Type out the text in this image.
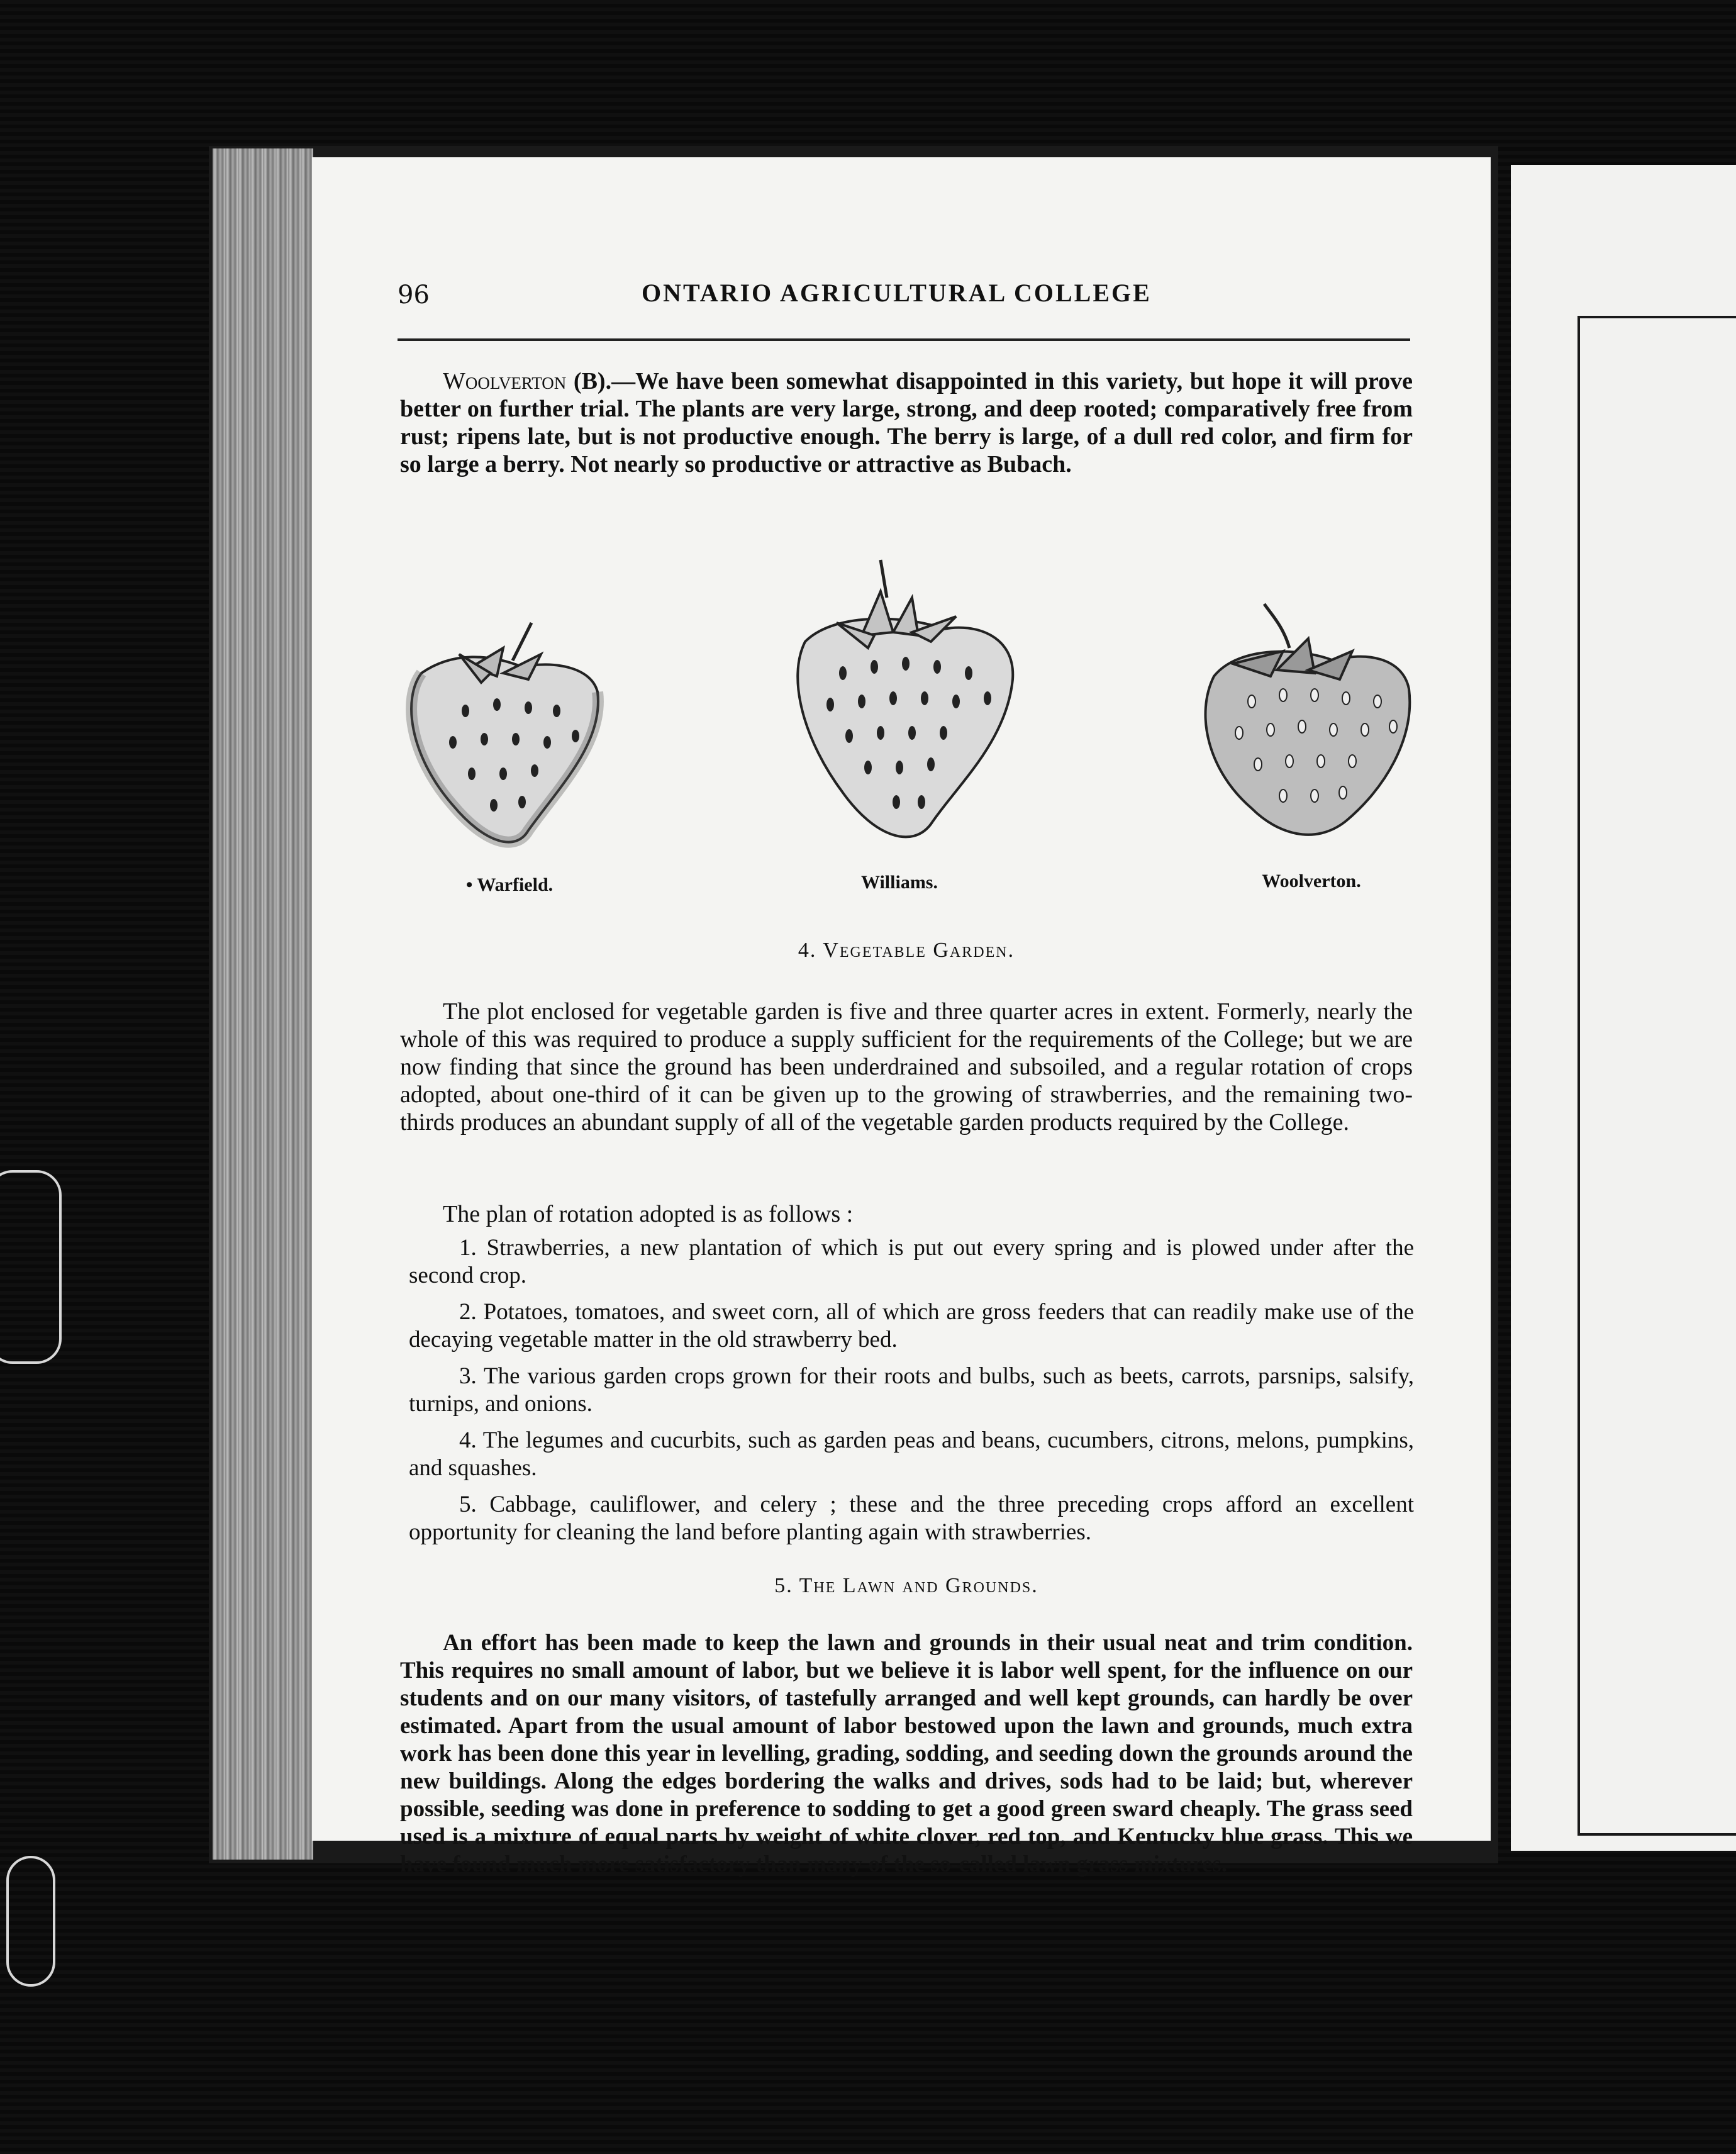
96	ONTARIO AGRICULTURAL COLLEGE

Woolverton (B).—We have been somewhat disappointed in this variety, but hope it will prove better on further trial. The plants are very large, strong, and deep rooted; comparatively free from rust; ripens late, but is not productive enough. The berry is large, of a dull red color, and firm for so large a berry. Not nearly so productive or attractive as Bubach.

• Warfield.	Williams.	Woolverton.
4. Vegetable Garden.

The plot enclosed for vegetable garden is five and three quarter acres in extent. Formerly, nearly the whole of this was required to produce a supply sufficient for the requirements of the College; but we are now finding that since the ground has been underdrained and subsoiled, and a regular rotation of crops adopted, about one-third of it can be given up to the growing of strawberries, and the remaining two-thirds produces an abundant supply of all of the vegetable garden products required by the College.

The plan of rotation adopted is as follows :

1. Strawberries, a new plantation of which is put out every spring and is plowed under after the second crop.

2. Potatoes, tomatoes, and sweet corn, all of which are gross feeders that can readily make use of the decaying vegetable matter in the old strawberry bed.

3. The various garden crops grown for their roots and bulbs, such as beets, carrots, parsnips, salsify, turnips, and onions.

4. The legumes and cucurbits, such as garden peas and beans, cucumbers, citrons, melons, pumpkins, and squashes.

5. Cabbage, cauliflower, and celery ; these and the three preceding crops afford an excellent opportunity for cleaning the land before planting again with strawberries.

5. The Lawn and Grounds.

An effort has been made to keep the lawn and grounds in their usual neat and trim condition. This requires no small amount of labor, but we believe it is labor well spent, for the influence on our students and on our many visitors, of tastefully arranged and well kept grounds, can hardly be over estimated. Apart from the usual amount of labor bestowed upon the lawn and grounds, much extra work has been done this year in levelling, grading, sodding, and seeding down the grounds around the new buildings. Along the edges bordering the walks and drives, sods had to be laid; but, wherever possible, seeding was done in preference to sodding to get a good green sward cheaply. The grass seed used is a mixture of equal parts by weight of white clover, red top, and Kentucky blue grass. This we have found much more satisfactory than many of the so-called lawn grass mixtures.
